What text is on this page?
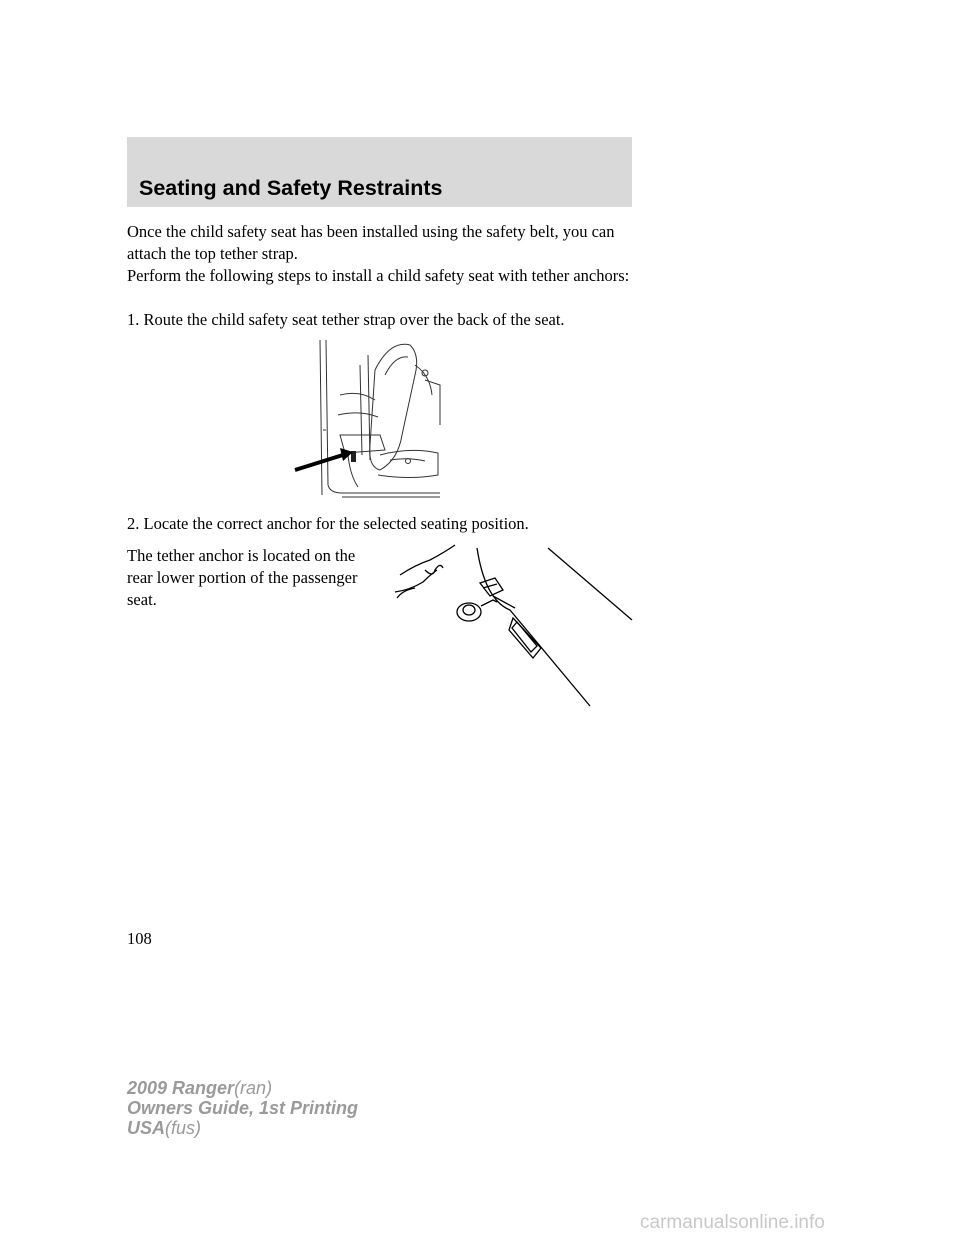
Seating and Safety Restraints

Once the child safety seat has been installed using the safety belt, you can attach the top tether strap.

Perform the following steps to install a child safety seat with tether anchors:

1. Route the child safety seat tether strap over the back of the seat.

2. Locate the correct anchor for the selected seating position.

The tether anchor is located on the rear lower portion of the passenger seat.

108
2009 Ranger(ran)
Owners Guide, 1st Printing
USA(fus)
carmanualsonline.info
